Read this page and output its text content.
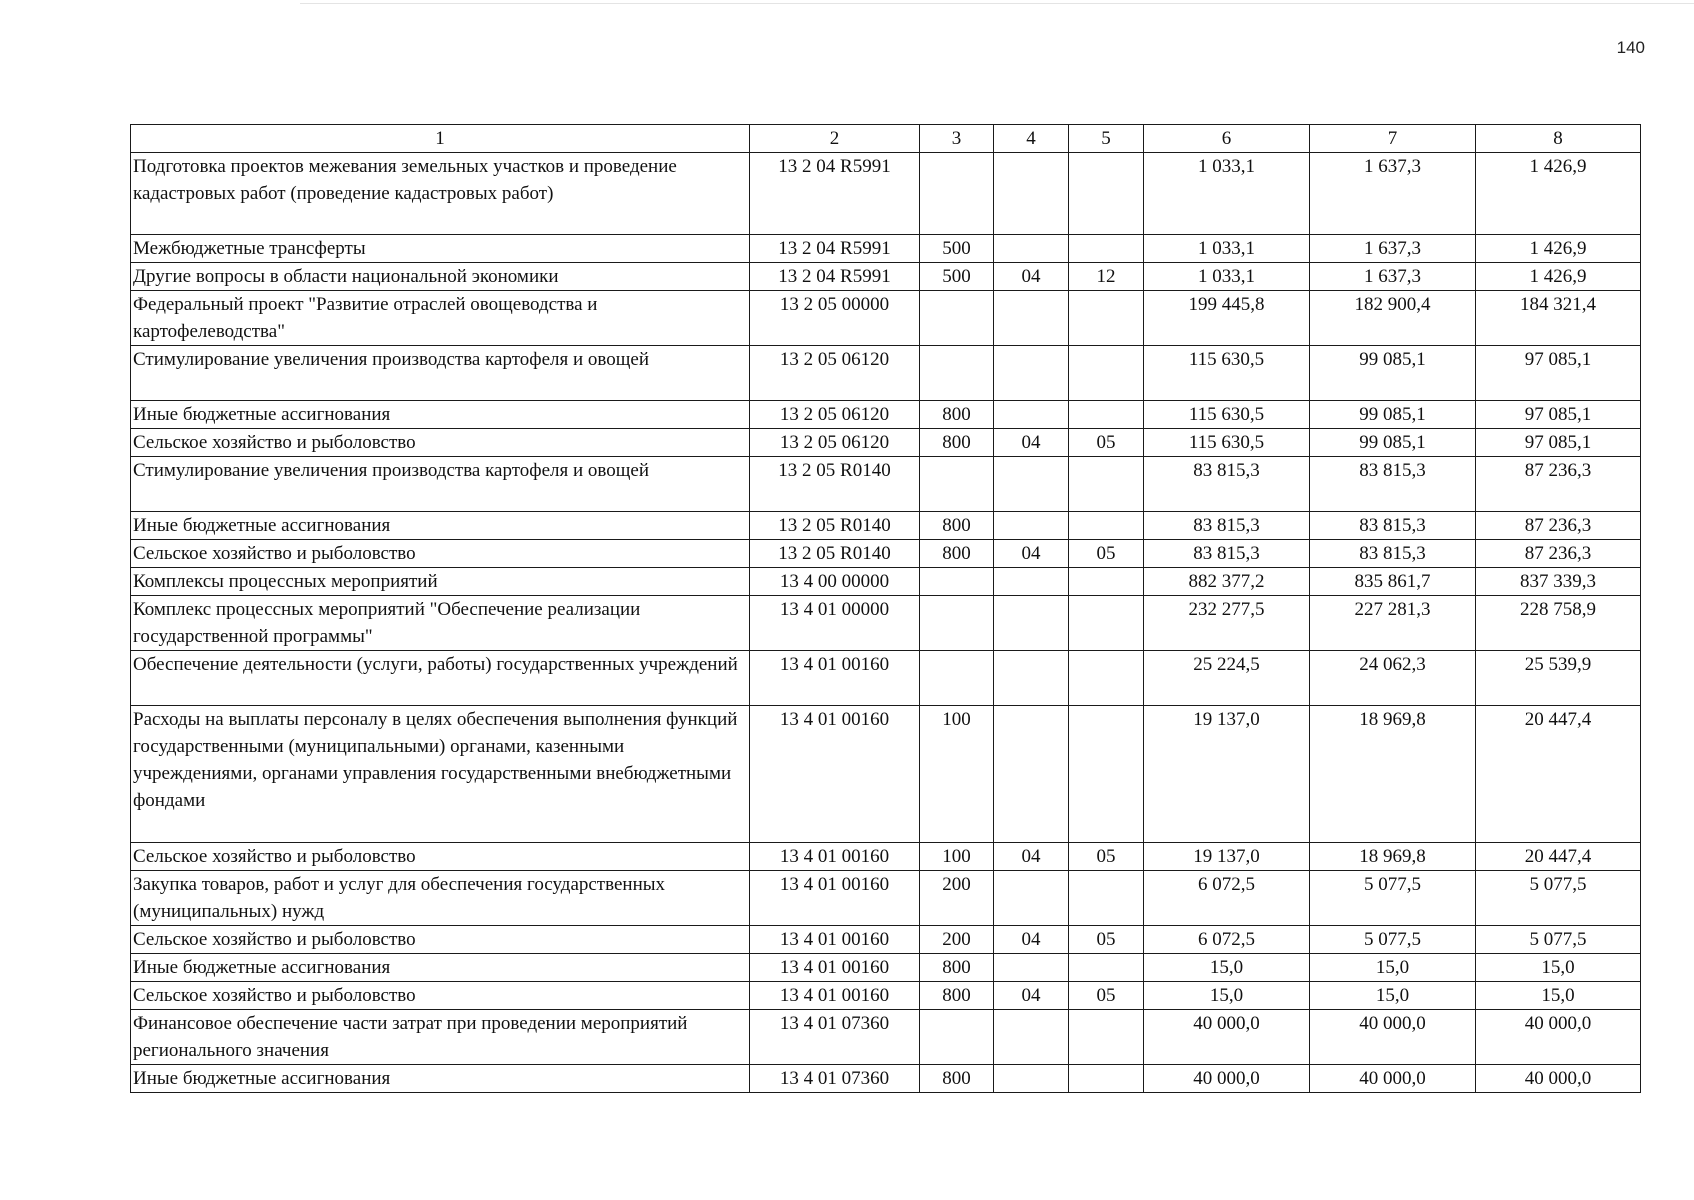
140
1	2	3	4	5	6	7	8
Подготовка проектов межевания земельных участков и проведение кадастровых работ (проведение кадастровых работ)	13 2 04 R5991				1 033,1	1 637,3	1 426,9
Межбюджетные трансферты	13 2 04 R5991	500			1 033,1	1 637,3	1 426,9
Другие вопросы в области национальной экономики	13 2 04 R5991	500	04	12	1 033,1	1 637,3	1 426,9
Федеральный проект "Развитие отраслей овощеводства и картофелеводства"	13 2 05 00000				199 445,8	182 900,4	184 321,4
Стимулирование увеличения производства картофеля и овощей	13 2 05 06120				115 630,5	99 085,1	97 085,1
Иные бюджетные ассигнования	13 2 05 06120	800			115 630,5	99 085,1	97 085,1
Сельское хозяйство и рыболовство	13 2 05 06120	800	04	05	115 630,5	99 085,1	97 085,1
Стимулирование увеличения производства картофеля и овощей	13 2 05 R0140				83 815,3	83 815,3	87 236,3
Иные бюджетные ассигнования	13 2 05 R0140	800			83 815,3	83 815,3	87 236,3
Сельское хозяйство и рыболовство	13 2 05 R0140	800	04	05	83 815,3	83 815,3	87 236,3
Комплексы процессных мероприятий	13 4 00 00000				882 377,2	835 861,7	837 339,3
Комплекс процессных мероприятий "Обеспечение реализации государственной программы"	13 4 01 00000				232 277,5	227 281,3	228 758,9
Обеспечение деятельности (услуги, работы) государственных учреждений	13 4 01 00160				25 224,5	24 062,3	25 539,9
Расходы на выплаты персоналу в целях обеспечения выполнения функций государственными (муниципальными) органами, казенными учреждениями, органами управления государственными внебюджетными фондами	13 4 01 00160	100			19 137,0	18 969,8	20 447,4
Сельское хозяйство и рыболовство	13 4 01 00160	100	04	05	19 137,0	18 969,8	20 447,4
Закупка товаров, работ и услуг для обеспечения государственных (муниципальных) нужд	13 4 01 00160	200			6 072,5	5 077,5	5 077,5
Сельское хозяйство и рыболовство	13 4 01 00160	200	04	05	6 072,5	5 077,5	5 077,5
Иные бюджетные ассигнования	13 4 01 00160	800			15,0	15,0	15,0
Сельское хозяйство и рыболовство	13 4 01 00160	800	04	05	15,0	15,0	15,0
Финансовое обеспечение части затрат при проведении мероприятий регионального значения	13 4 01 07360				40 000,0	40 000,0	40 000,0
Иные бюджетные ассигнования	13 4 01 07360	800			40 000,0	40 000,0	40 000,0
